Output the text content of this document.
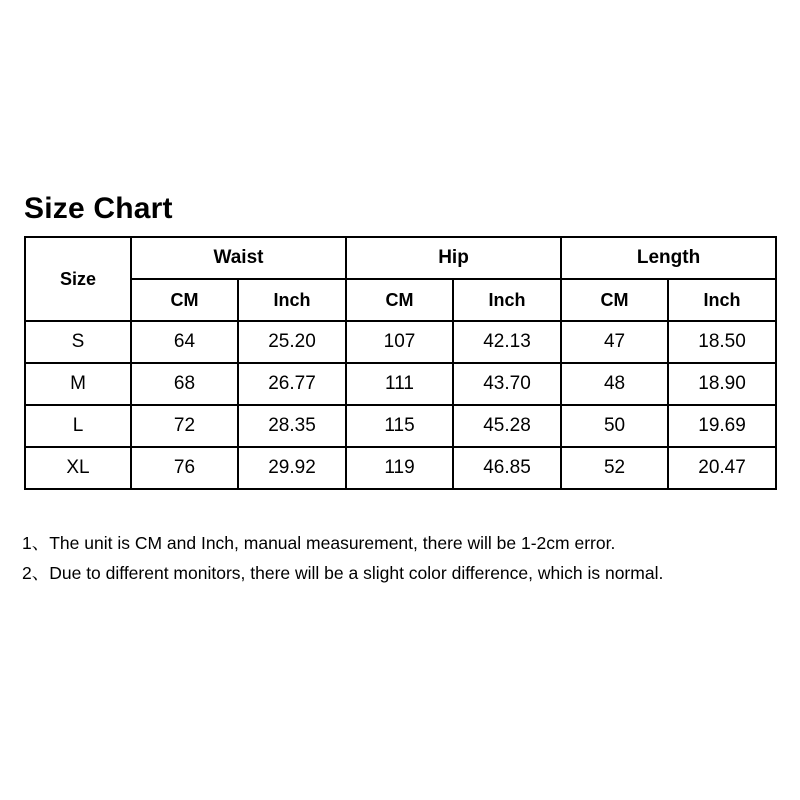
Size Chart
Size	Waist		Hip		Length	
	CM	Inch	CM	Inch	CM	Inch
S	64	25.20	107	42.13	47	18.50
M	68	26.77	111	43.70	48	18.90
L	72	28.35	115	45.28	50	19.69
XL	76	29.92	119	46.85	52	20.47
1、The unit is CM and Inch, manual measurement, there will be 1-2cm error.
2、Due to different monitors, there will be a slight color difference, which is normal.
